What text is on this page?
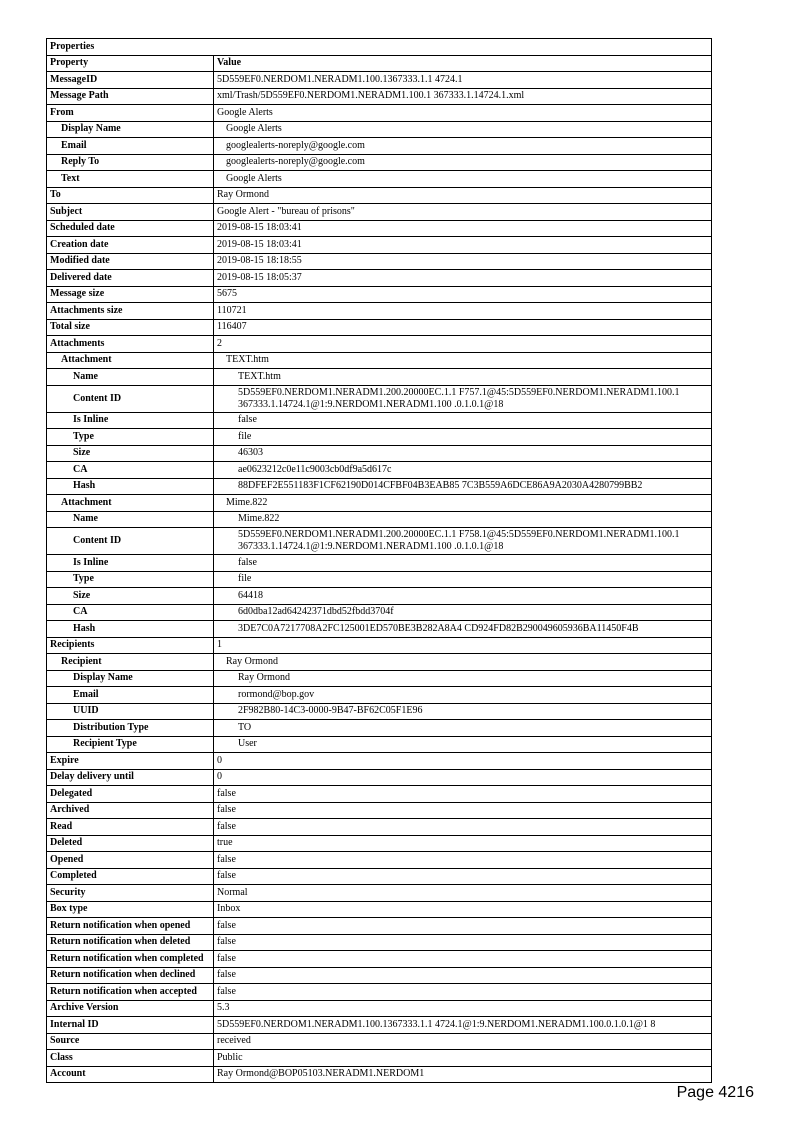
Properties	
Property	Value
MessageID	5D559EF0.NERDOM1.NERADM1.100.1367333.1.1 4724.1
Message Path	xml/Trash/5D559EF0.NERDOM1.NERADM1.100.1 367333.1.14724.1.xml
From	Google Alerts
Display Name	Google Alerts
Email	googlealerts-noreply@google.com
Reply To	googlealerts-noreply@google.com
Text	Google Alerts
To	Ray Ormond
Subject	Google Alert - "bureau of prisons"
Scheduled date	2019-08-15 18:03:41
Creation date	2019-08-15 18:03:41
Modified date	2019-08-15 18:18:55
Delivered date	2019-08-15 18:05:37
Message size	5675
Attachments size	110721
Total size	116407
Attachments	2
Attachment	TEXT.htm
Name	TEXT.htm
Content ID	5D559EF0.NERDOM1.NERADM1.200.20000EC.1.1 F757.1@45:5D559EF0.NERDOM1.NERADM1.100.1 367333.1.14724.1@1:9.NERDOM1.NERADM1.100 .0.1.0.1@18
Is Inline	false
Type	file
Size	46303
CA	ae0623212c0e11c9003cb0df9a5d617c
Hash	88DFEF2E551183F1CF62190D014CFBF04B3EAB85 7C3B559A6DCE86A9A2030A4280799BB2
Attachment	Mime.822
Name	Mime.822
Content ID	5D559EF0.NERDOM1.NERADM1.200.20000EC.1.1 F758.1@45:5D559EF0.NERDOM1.NERADM1.100.1 367333.1.14724.1@1:9.NERDOM1.NERADM1.100 .0.1.0.1@18
Is Inline	false
Type	file
Size	64418
CA	6d0dba12ad64242371dbd52fbdd3704f
Hash	3DE7C0A7217708A2FC125001ED570BE3B282A8A4 CD924FD82B290049605936BA11450F4B
Recipients	1
Recipient	Ray Ormond
Display Name	Ray Ormond
Email	rormond@bop.gov
UUID	2F982B80-14C3-0000-9B47-BF62C05F1E96
Distribution Type	TO
Recipient Type	User
Expire	0
Delay delivery until	0
Delegated	false
Archived	false
Read	false
Deleted	true
Opened	false
Completed	false
Security	Normal
Box type	Inbox
Return notification when opened	false
Return notification when deleted	false
Return notification when completed	false
Return notification when declined	false
Return notification when accepted	false
Archive Version	5.3
Internal ID	5D559EF0.NERDOM1.NERADM1.100.1367333.1.1 4724.1@1:9.NERDOM1.NERADM1.100.0.1.0.1@1 8
Source	received
Class	Public
Account	Ray Ormond@BOP05103.NERADM1.NERDOM1
Page 4216
